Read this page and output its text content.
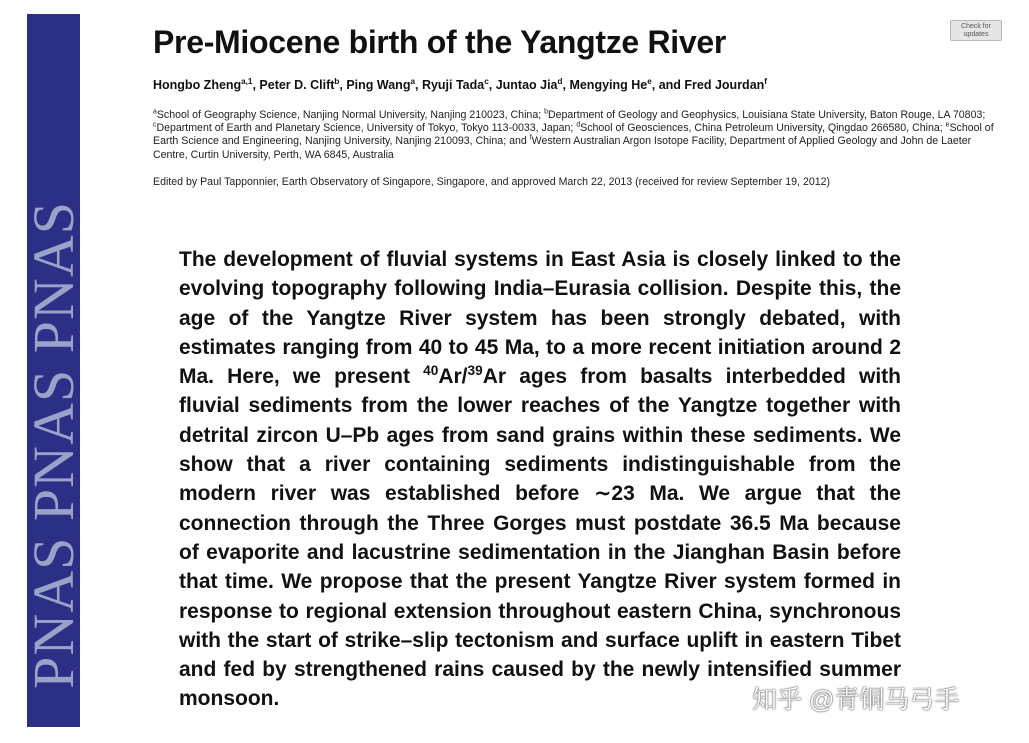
PNAS PNAS PNAS
Check for
updates
Pre-Miocene birth of the Yangtze River
Hongbo Zheng$^{a,1}$, Peter D. Clift$^b$, Ping Wang$^a$, Ryuji Tada$^c$, Juntao Jia$^d$, Mengying He$^e$, and Fred Jourdan$^f$
$^a$School of Geography Science, Nanjing Normal University, Nanjing 210023, China; $^b$Department of Geology and Geophysics, Louisiana State University, Baton Rouge, LA 70803; $^c$Department of Earth and Planetary Science, University of Tokyo, Tokyo 113-0033, Japan; $^d$School of Geosciences, China Petroleum University, Qingdao 266580, China; $^e$School of Earth Science and Engineering, Nanjing University, Nanjing 210093, China; and $^f$Western Australian Argon Isotope Facility, Department of Applied Geology and John de Laeter Centre, Curtin University, Perth, WA 6845, Australia
Edited by Paul Tapponnier, Earth Observatory of Singapore, Singapore, and approved March 22, 2013 (received for review September 19, 2012)

The development of fluvial systems in East Asia is closely linked to the evolving topography following India–Eurasia collision. Despite this, the age of the Yangtze River system has been strongly debated, with estimates ranging from 40 to 45 Ma, to a more recent initiation around 2 Ma. Here, we present $^{40}$Ar/$^{39}$Ar ages from basalts interbedded with fluvial sediments from the lower reaches of the Yangtze together with detrital zircon U–Pb ages from sand grains within these sediments. We show that a river containing sediments indistinguishable from the modern river was established before ∼23 Ma. We argue that the connection through the Three Gorges must postdate 36.5 Ma because of evaporite and lacustrine sedimentation in the Jianghan Basin before that time. We propose that the present Yangtze River system formed in response to regional extension throughout eastern China, synchronous with the start of strike–slip tectonism and surface uplift in eastern Tibet and fed by strengthened rains caused by the newly intensified summer monsoon.	知乎 @青铜马弓手
